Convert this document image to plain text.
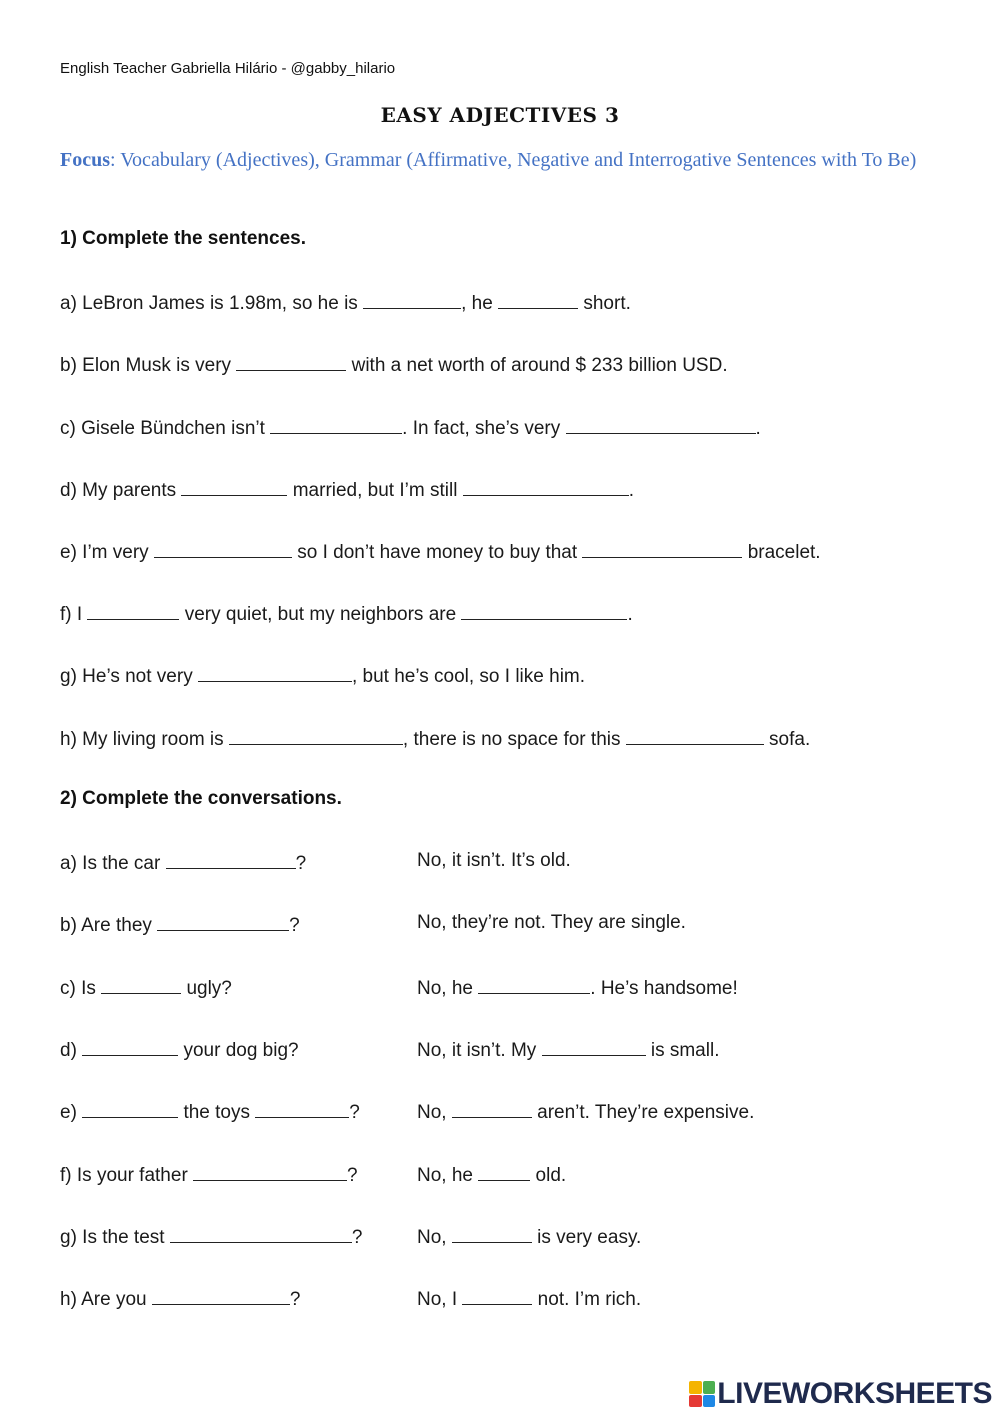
English Teacher Gabriella Hilário - @gabby_hilario
EASY ADJECTIVES 3
Focus: Vocabulary (Adjectives), Grammar (Affirmative, Negative and Interrogative Sentences with To Be)
1) Complete the sentences.
a) LeBron James is 1.98m, so he is	, he	short.
b) Elon Musk is very	with a net worth of around $ 233 billion USD.
c) Gisele Bündchen isn’t	. In fact, she’s very	.
d) My parents	married, but I’m still	.
e) I’m very	so I don’t have money to buy that	bracelet.
f) I	very quiet, but my neighbors are	.
g) He’s not very	, but he’s cool, so I like him.
h) My living room is	, there is no space for this	sofa.
2) Complete the conversations.
a) Is the car	?	No, it isn’t. It’s old.
b) Are they	?	No, they’re not. They are single.
c) Is	ugly?	No, he	. He’s handsome!
d)	your dog big?	No, it isn’t. My	is small.
e)	the toys	?	No,	aren’t. They’re expensive.
f) Is your father	?	No, he	old.
g) Is the test	?	No,	is very easy.
h) Are you	?	No, I	not. I’m rich.
LIVEWORKSHEETS
